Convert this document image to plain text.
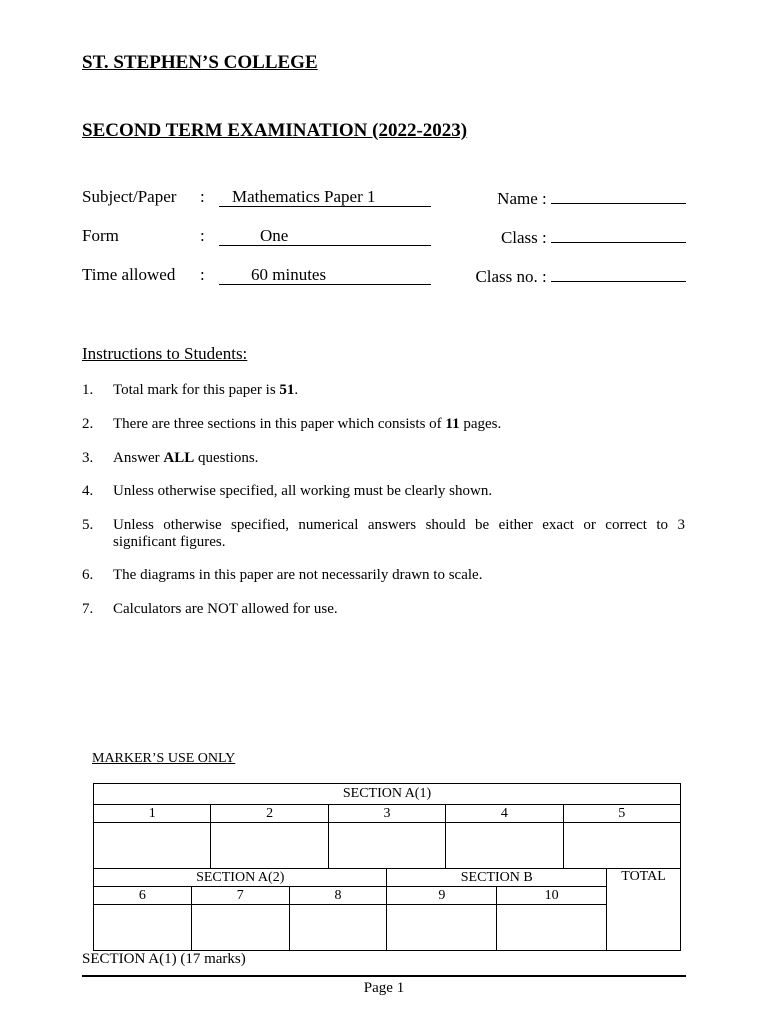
ST. STEPHEN’S COLLEGE
SECOND TERM EXAMINATION (2022-2023)
Subject/Paper :	Mathematics Paper 1
Form	:	One
Time allowed :	60 minutes
Name :
Class :
Class no. :
Instructions to Students:
1. Total mark for this paper is 51.
2. There are three sections in this paper which consists of 11 pages.
3. Answer ALL questions.
4. Unless otherwise specified, all working must be clearly shown.
5. Unless otherwise specified, numerical answers should be either exact or correct to 3
significant figures.
6. The diagrams in this paper are not necessarily drawn to scale.
7. Calculators are NOT allowed for use.
MARKER’S USE ONLY
SECTION A(1)				
1	2	3	4	5

SECTION A(2)			SECTION B		TOTAL
6	7	8	9	10	

SECTION A(1) (17 marks)
Page 1
